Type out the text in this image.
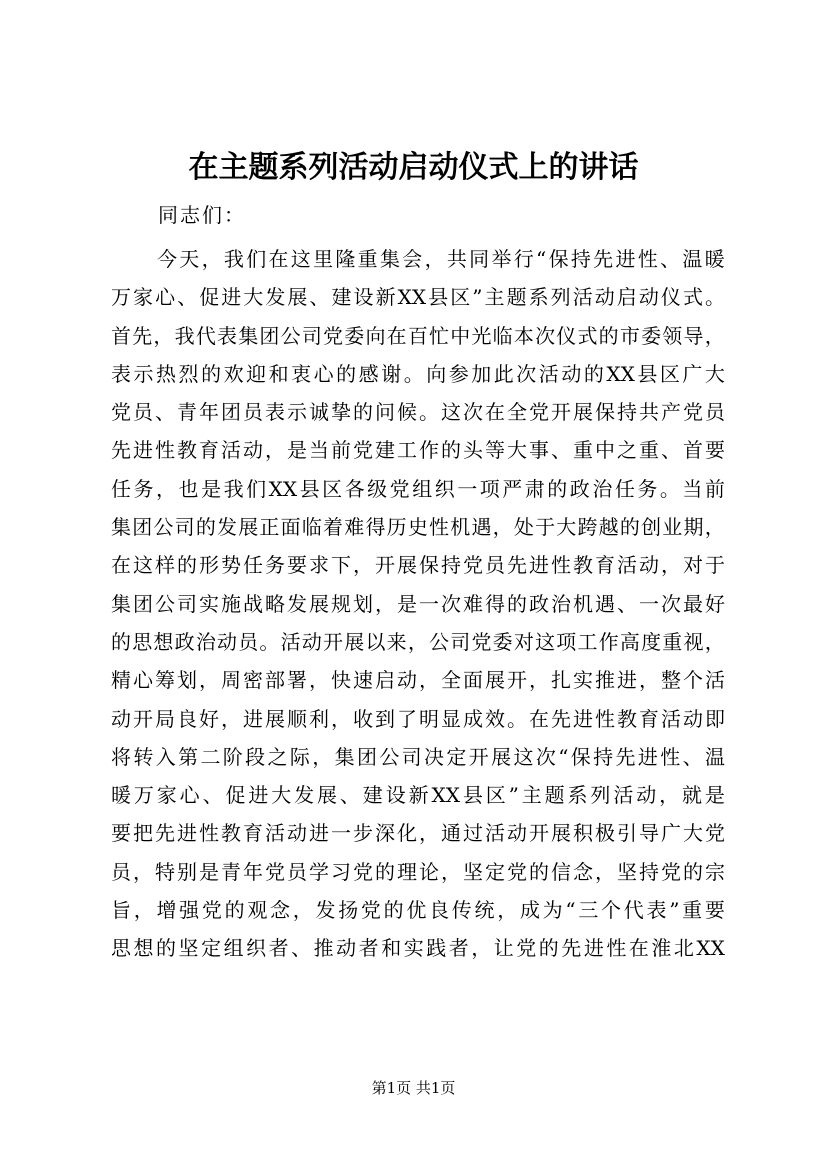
在主题系列活动启动仪式上的讲话
同志们：
今 天 ， 我 们 在 这 里 隆 重 集 会 ， 共 同 举 行 “ 保 持 先 进 性 、 温 暖
万 家 心 、 促 进 大 发 展 、 建 设 新 XX 县 区 ” 主 题 系 列 活 动 启 动 仪 式 。
首 先 ， 我 代 表 集 团 公 司 党 委 向 在 百 忙 中 光 临 本 次 仪 式 的 市 委 领 导 ，
表 示 热 烈 的 欢 迎 和 衷 心 的 感 谢 。 向 参 加 此 次 活 动 的 XX 县 区 广 大
党 员 、 青 年 团 员 表 示 诚 挚 的 问 候 。 这 次 在 全 党 开 展 保 持 共 产 党 员
先 进 性 教 育 活 动 ， 是 当 前 党 建 工 作 的 头 等 大 事 、 重 中 之 重 、 首 要
任 务 ， 也 是 我 们 XX 县 区 各 级 党 组 织 一 项 严 肃 的 政 治 任 务 。 当 前
集 团 公 司 的 发 展 正 面 临 着 难 得 历 史 性 机 遇 ， 处 于 大 跨 越 的 创 业 期 ，
在 这 样 的 形 势 任 务 要 求 下 ， 开 展 保 持 党 员 先 进 性 教 育 活 动 ， 对 于
集 团 公 司 实 施 战 略 发 展 规 划 ， 是 一 次 难 得 的 政 治 机 遇 、 一 次 最 好
的 思 想 政 治 动 员 。 活 动 开 展 以 来 ， 公 司 党 委 对 这 项 工 作 高 度 重 视 ，
精 心 筹 划 ， 周 密 部 署 ， 快 速 启 动 ， 全 面 展 开 ， 扎 实 推 进 ， 整 个 活
动 开 局 良 好 ， 进 展 顺 利 ， 收 到 了 明 显 成 效 。 在 先 进 性 教 育 活 动 即
将 转 入 第 二 阶 段 之 际 ， 集 团 公 司 决 定 开 展 这 次 “ 保 持 先 进 性 、 温
暖 万 家 心 、 促 进 大 发 展 、 建 设 新 XX 县 区 ” 主 题 系 列 活 动 ， 就 是
要 把 先 进 性 教 育 活 动 进 一 步 深 化 ， 通 过 活 动 开 展 积 极 引 导 广 大 党
员 ， 特 别 是 青 年 党 员 学 习 党 的 理 论 ， 坚 定 党 的 信 念 ， 坚 持 党 的 宗
旨 ， 增 强 党 的 观 念 ， 发 扬 党 的 优 良 传 统 ， 成 为 “ 三 个 代 表 ” 重 要
思 想 的 坚 定 组 织 者 、 推 动 者 和 实 践 者 ， 让 党 的 先 进 性 在 淮 北 XX
第1页 共1页
